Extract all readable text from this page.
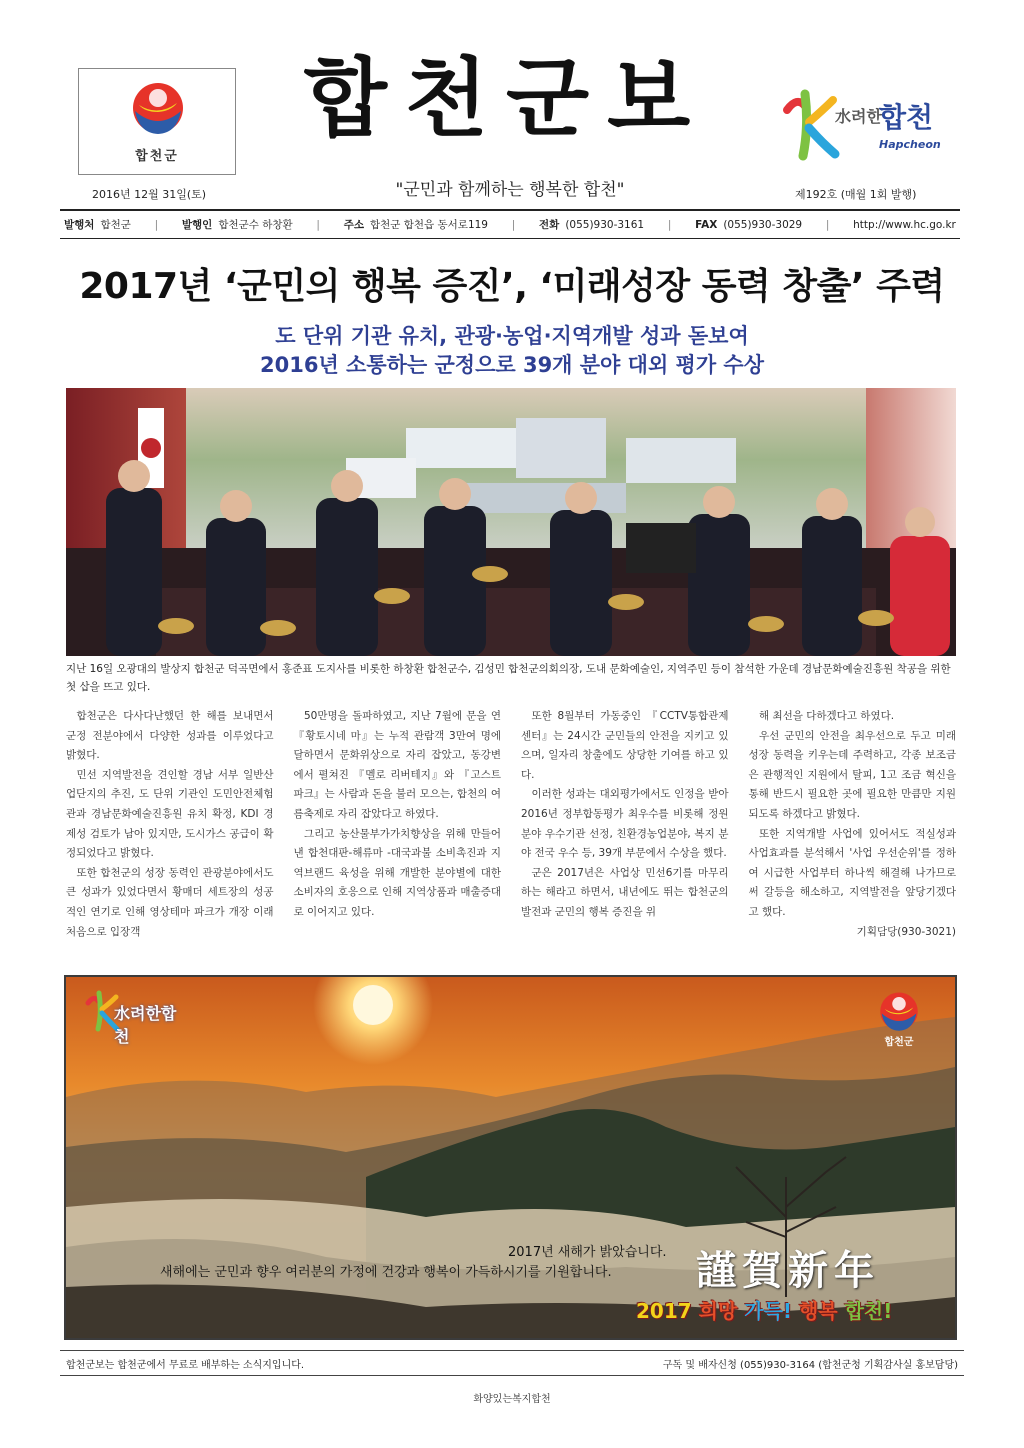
합천군
합천군보
"군민과 함께하는 행복한 합천"
2016년 12월 31일(토)	제192호 (매월 1회 발행)
水려한
합천
Hapcheon
발행처 합천군 | 발행인 합천군수 하창환 | 주소 합천군 합천읍 동서로119 | 전화 (055)930-3161 | FAX (055)930-3029 | http://www.hc.go.kr
2017년 ‘군민의 행복 증진’, ‘미래성장 동력 창출’ 주력
도 단위 기관 유치, 관광·농업·지역개발 성과 돋보여
2016년 소통하는 군정으로 39개 분야 대외 평가 수상
지난 16일 오광대의 발상지 합천군 덕곡면에서 홍준표 도지사를 비롯한 하창환 합천군수, 김성민 합천군의회의장, 도내 문화예술인, 지역주민 등이 참석한 가운데 경남문화예술진흥원 착공을 위한 첫 삽을 뜨고 있다.

합천군은 다사다난했던 한 해를 보내면서 군정 전분야에서 다양한 성과를 이루었다고 밝혔다.

민선 지역발전을 견인할 경남 서부 일반산업단지의 추진, 도 단위 기관인 도민안전체험관과 경남문화예술진흥원 유치 확정, KDI 경제성 검토가 남아 있지만, 도시가스 공급이 확정되었다고 밝혔다.

또한 합천군의 성장 동력인 관광분야에서도 큰 성과가 있었다면서 황매더 세트장의 성공적인 연기로 인해 영상테마 파크가 개장 이래 처음으로 입장객

50만명을 돌파하였고, 지난 7월에 문을 연 『황토시네 마』는 누적 관람객 3만여 명에 달하면서 문화위상으로 자리 잡았고, 동강변에서 펼쳐진 『멜로 리버테지』와 『고스트 파크』는 사람과 돈을 불러 모으는, 합천의 여름축제로 자리 잡았다고 하였다.

그리고 농산물부가가치향상을 위해 만들어낸 합천대판-해류마 -대국과불 소비촉진과 지역브랜드 육성을 위해 개발한 분야별에 대한 소비자의 호응으로 인해 지역상품과 매출증대로 이어지고 있다.

또한 8월부터 가동중인 『CCTV통합관제센터』는 24시간 군민들의 안전을 지키고 있으며, 일자리 창출에도 상당한 기여를 하고 있다.

이러한 성과는 대외평가에서도 인정을 받아 2016년 정부합동평가 최우수를 비롯해 정원분야 우수기관 선정, 친환경농업분야, 복지 분야 전국 우수 등, 39개 부문에서 수상을 했다.

군은 2017년은 사업상 민선6기를 마무리하는 해라고 하면서, 내년에도 뛰는 합천군의 발전과 군민의 행복 증진을 위

해 최선을 다하겠다고 하였다.

우선 군민의 안전을 최우선으로 두고 미래성장 동력을 키우는데 주력하고, 각종 보조금은 관행적인 지원에서 탈피, 1고 조금 혁신을 통해 반드시 필요한 곳에 필요한 만큼만 지원되도록 하겠다고 밝혔다.

또한 지역개발 사업에 있어서도 적실성과 사업효과를 분석해서 '사업 우선순위'를 정하여 시급한 사업부터 하나씩 해결해 나가므로써 갈등을 해소하고, 지역발전을 앞당기겠다고 했다.

기획담당(930-3021)

水려한합천	합천군
2017년 새해가 밝았습니다.
새해에는 군민과 향우 여러분의 가정에 건강과 행복이 가득하시기를 기원합니다. 謹賀新年
2017 희망 가득! 행복 합천!
합천군보는 합천군에서 무료로 배부하는 소식지입니다.	구독 및 배자신청 (055)930-3164 (합천군청 기획감사실 홍보담당)
화양있는복지합천
